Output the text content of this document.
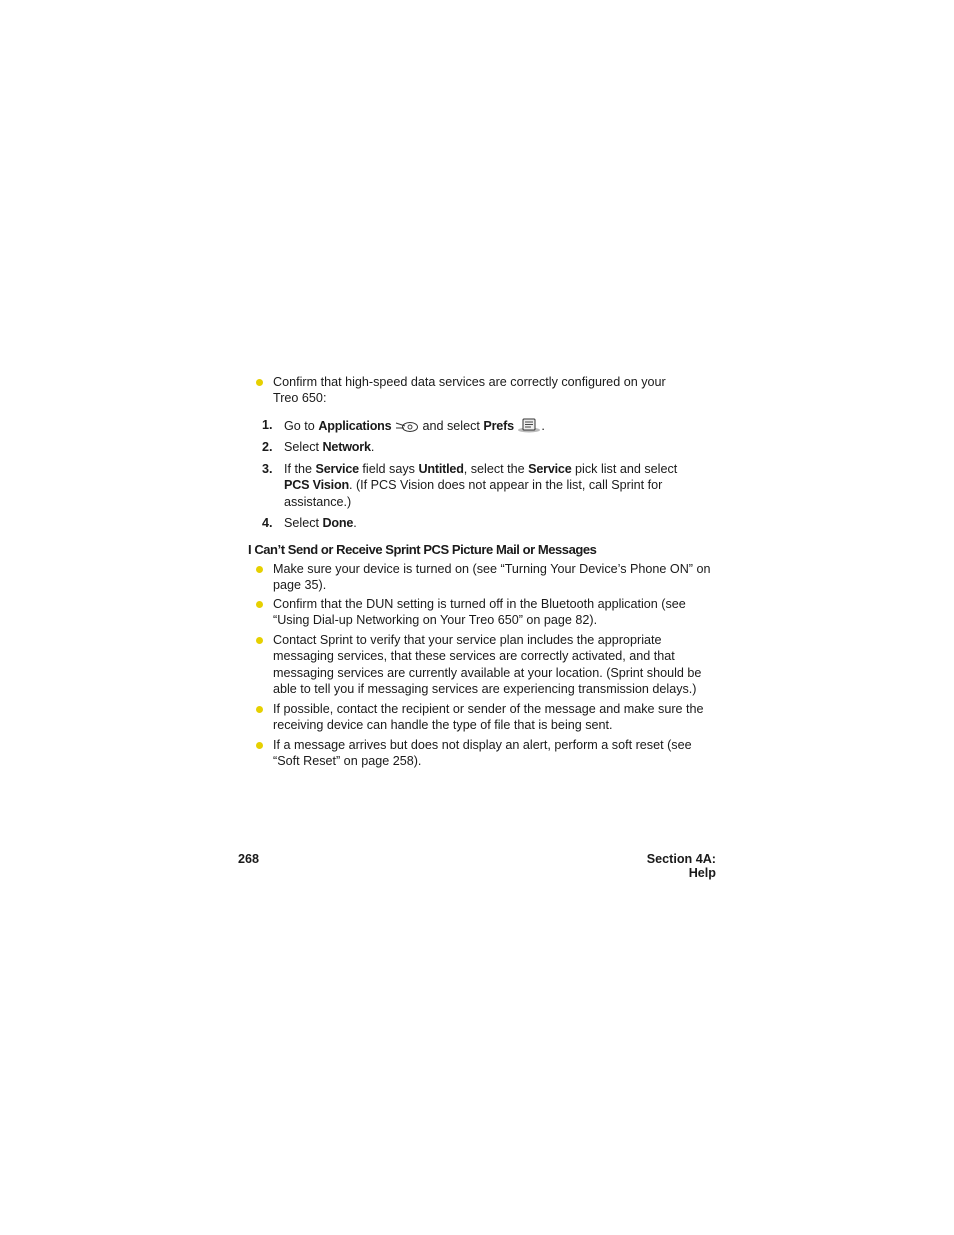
Confirm that high-speed data services are correctly configured on your
Treo 650:
1. Go to Applications  and select Prefs .
2. Select Network.
3. If the Service field says Untitled, select the Service pick list and select
PCS Vision. (If PCS Vision does not appear in the list, call Sprint for
assistance.)
4. Select Done.
I Can’t Send or Receive Sprint PCS Picture Mail or Messages
Make sure your device is turned on (see “Turning Your Device’s Phone ON” on
page 35).
Confirm that the DUN setting is turned off in the Bluetooth application (see
“Using Dial-up Networking on Your Treo 650” on page 82).
Contact Sprint to verify that your service plan includes the appropriate
messaging services, that these services are correctly activated, and that
messaging services are currently available at your location. (Sprint should be
able to tell you if messaging services are experiencing transmission delays.)
If possible, contact the recipient or sender of the message and make sure the
receiving device can handle the type of file that is being sent.
If a message arrives but does not display an alert, perform a soft reset (see
“Soft Reset” on page 258).
268	Section 4A: Help
